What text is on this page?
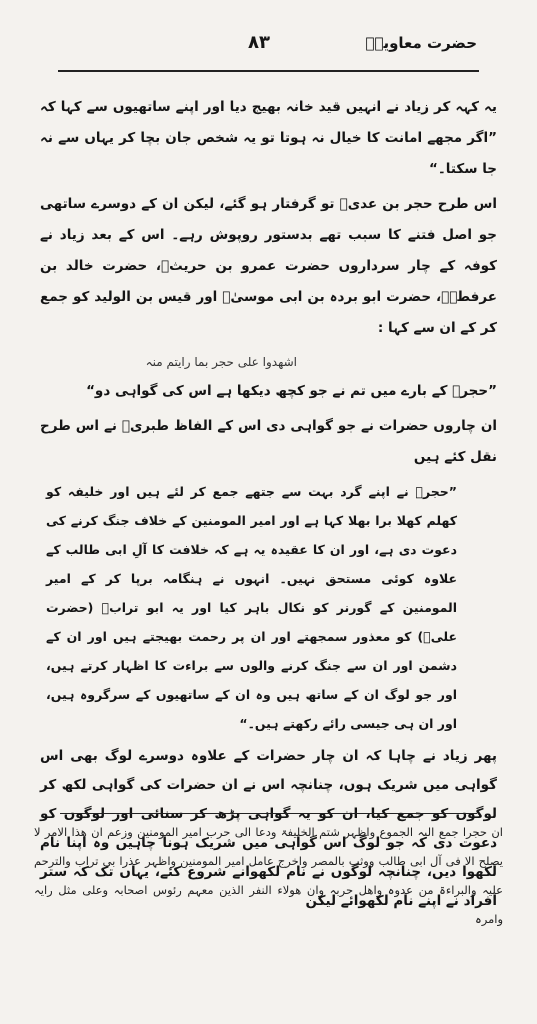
حضرت معاویہؓ
۸۳

یہ کہہ کر زیاد نے انہیں قید خانہ بھیج دیا اور اپنے ساتھیوں سے کہا کہ ”اگر مجھے امانت کا خیال نہ ہوتا تو یہ شخص جان بچا کر یہاں سے نہ جا سکتا۔“

اس طرح حجر بن عدیؓ تو گرفتار ہو گئے، لیکن ان کے دوسرے ساتھی جو اصل فتنے کا سبب تھے بدستور روپوش رہے۔ اس کے بعد زیاد نے کوفہ کے چار سرداروں حضرت عمرو بن حریثؓ، حضرت خالد بن عرفطہؓ، حضرت ابو بردہ بن ابی موسیٰؓ اور قیس بن الولید کو جمع کر کے ان سے کہا :

اشھدوا علی حجر بما رایتم منہ

”حجرؓ کے بارے میں تم نے جو کچھ دیکھا ہے اس کی گواہی دو“

ان چاروں حضرات نے جو گواہی دی اس کے الفاظ طبریؒ نے اس طرح نقل کئے ہیں

”حجرؓ نے اپنے گرد بہت سے جتھے جمع کر لئے ہیں اور خلیفہ کو کھلم کھلا برا بھلا کہا ہے اور امیر المومنین کے خلاف جنگ کرنے کی دعوت دی ہے، اور ان کا عقیدہ یہ ہے کہ خلافت کا آلِ ابی طالب کے علاوہ کوئی مستحق نہیں۔ انہوں نے ہنگامہ برپا کر کے امیر المومنین کے گورنر کو نکال باہر کیا اور یہ ابو ترابؓ (حضرت علیؓ) کو معذور سمجھتے اور ان پر رحمت بھیجتے ہیں اور ان کے دشمن اور ان سے جنگ کرنے والوں سے براءت کا اظہار کرتے ہیں، اور جو لوگ ان کے ساتھ ہیں وہ ان کے ساتھیوں کے سرگروہ ہیں، اور ان ہی جیسی رائے رکھتے ہیں۔“

پھر زیاد نے چاہا کہ ان چار حضرات کے علاوہ دوسرے لوگ بھی اس گواہی میں شریک ہوں، چنانچہ اس نے ان حضرات کی گواہی لکھ کر لوگوں کو جمع کیا، ان کو یہ گواہی پڑھ کر سنائی اور لوگوں کو دعوت دی کہ جو لوگ اس گواہی میں شریک ہونا چاہیں وہ اپنا نام لکھوا دیں، چنانچہ لوگوں نے نام لکھوانے شروع کئے، یہاں تک کہ ستر افراد نے اپنے نام لکھوائے لیکن

ان حجرا جمع الیہ الجموع واظہر شتم الخلیفۃ ودعا الی حرب امیر المومنین وزعم ان ھذا الامر لا یصلح الا فی آل ابی طالب ووثب بالمصر واخرج عامل امیر المومنین واظہر عذرا بی تراب والترحم علیہ والبراءۃ من عدوہ واھل حربہ وان ھولاء النفر الذین معہم رئوس اصحابہ وعلی مثل رایہ وامرہ
